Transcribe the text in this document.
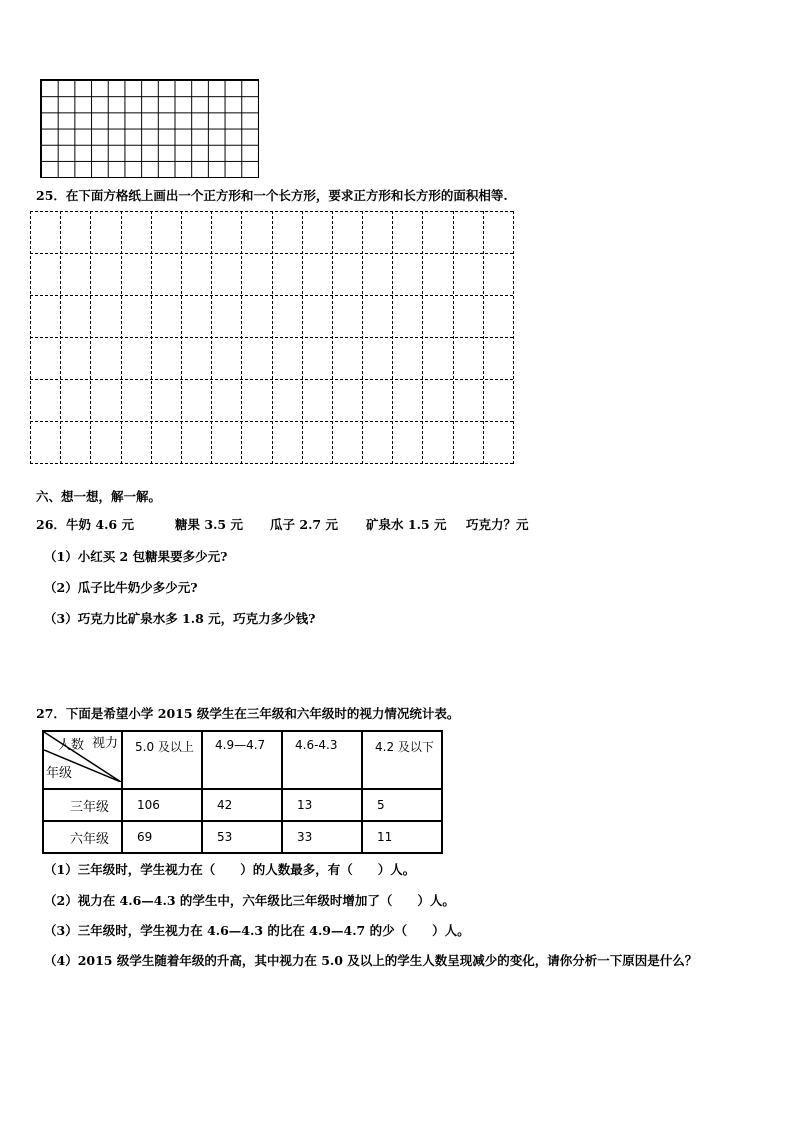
25．在下面方格纸上画出一个正方形和一个长方形，要求正方形和长方形的面积相等.
六、想一想，解一解。
26． 牛奶 4.6 元	糖果 3.5 元 瓜子 2.7 元 矿泉水 1.5 元 巧克力？元
（1）小红买 2 包糖果要多少元?
（2）瓜子比牛奶少多少元?
（3）巧克力比矿泉水多 1.8 元，巧克力多少钱?
27．下面是希望小学 2015 级学生在三年级和六年级时的视力情况统计表。
人数 视力
年级	5.0 及以上	4.9—4.7	4.6-4.3	4.2 及以下
三年级	106	42	13	5
六年级	69	53	33	11
（1）三年级时，学生视力在（　　）的人数最多，有（　　）人。
（2）视力在 4.6—4.3 的学生中，六年级比三年级时增加了（　　）人。
（3）三年级时，学生视力在 4.6—4.3 的比在 4.9—4.7 的少（　　）人。
（4）2015 级学生随着年级的升高，其中视力在 5.0 及以上的学生人数呈现减少的变化，请你分析一下原因是什么？
